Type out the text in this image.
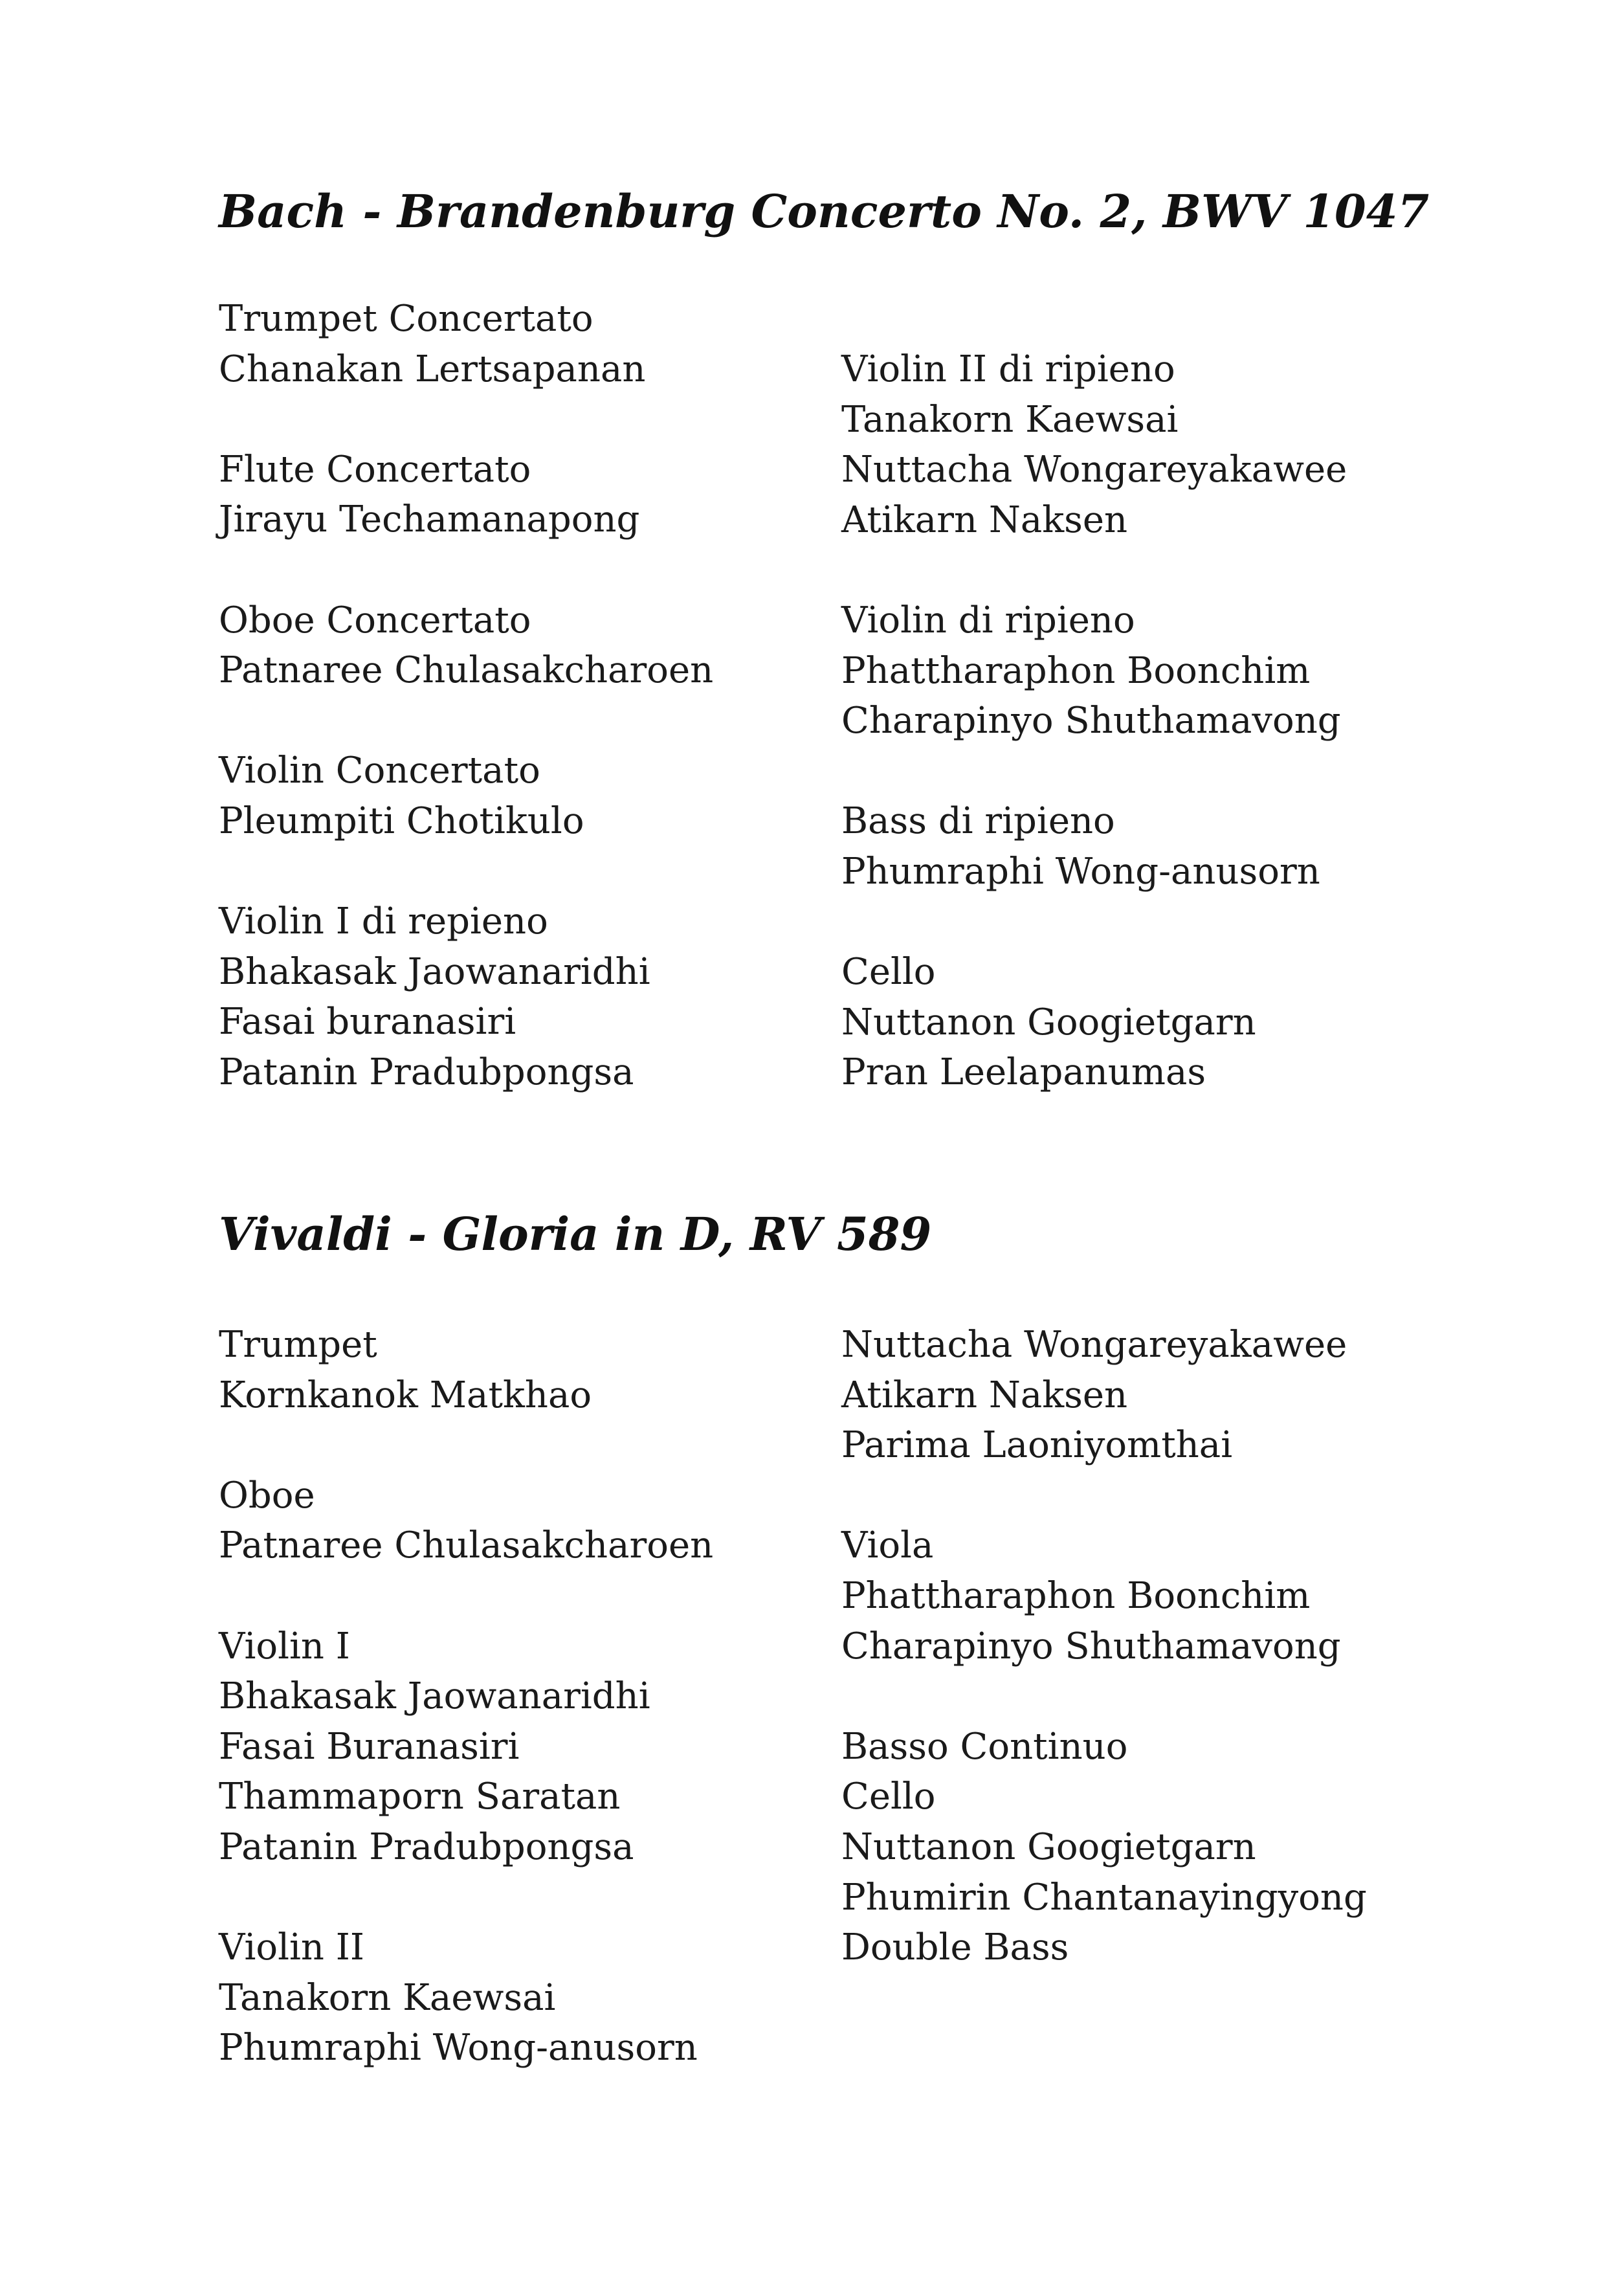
Bach - Brandenburg Concerto No. 2, BWV 1047
Trumpet Concertato
Chanakan Lertsapanan
Flute Concertato
Jirayu Techamanapong
Oboe Concertato
Patnaree Chulasakcharoen
Violin Concertato
Pleumpiti Chotikulo
Violin I di repieno
Bhakasak Jaowanaridhi
Fasai buranasiri
Patanin Pradubpongsa
Violin II di ripieno
Tanakorn Kaewsai
Nuttacha Wongareyakawee
Atikarn Naksen
Violin di ripieno
Phattharaphon Boonchim
Charapinyo Shuthamavong
Bass di ripieno
Phumraphi Wong-anusorn
Cello
Nuttanon Googietgarn
Pran Leelapanumas
Vivaldi - Gloria in D, RV 589
Trumpet
Kornkanok Matkhao
Oboe
Patnaree Chulasakcharoen
Violin I
Bhakasak Jaowanaridhi
Fasai Buranasiri
Thammaporn Saratan
Patanin Pradubpongsa
Violin II
Tanakorn Kaewsai
Phumraphi Wong-anusorn
Nuttacha Wongareyakawee
Atikarn Naksen
Parima Laoniyomthai
Viola
Phattharaphon Boonchim
Charapinyo Shuthamavong
Basso Continuo
Cello
Nuttanon Googietgarn
Phumirin Chantanayingyong
Double Bass
